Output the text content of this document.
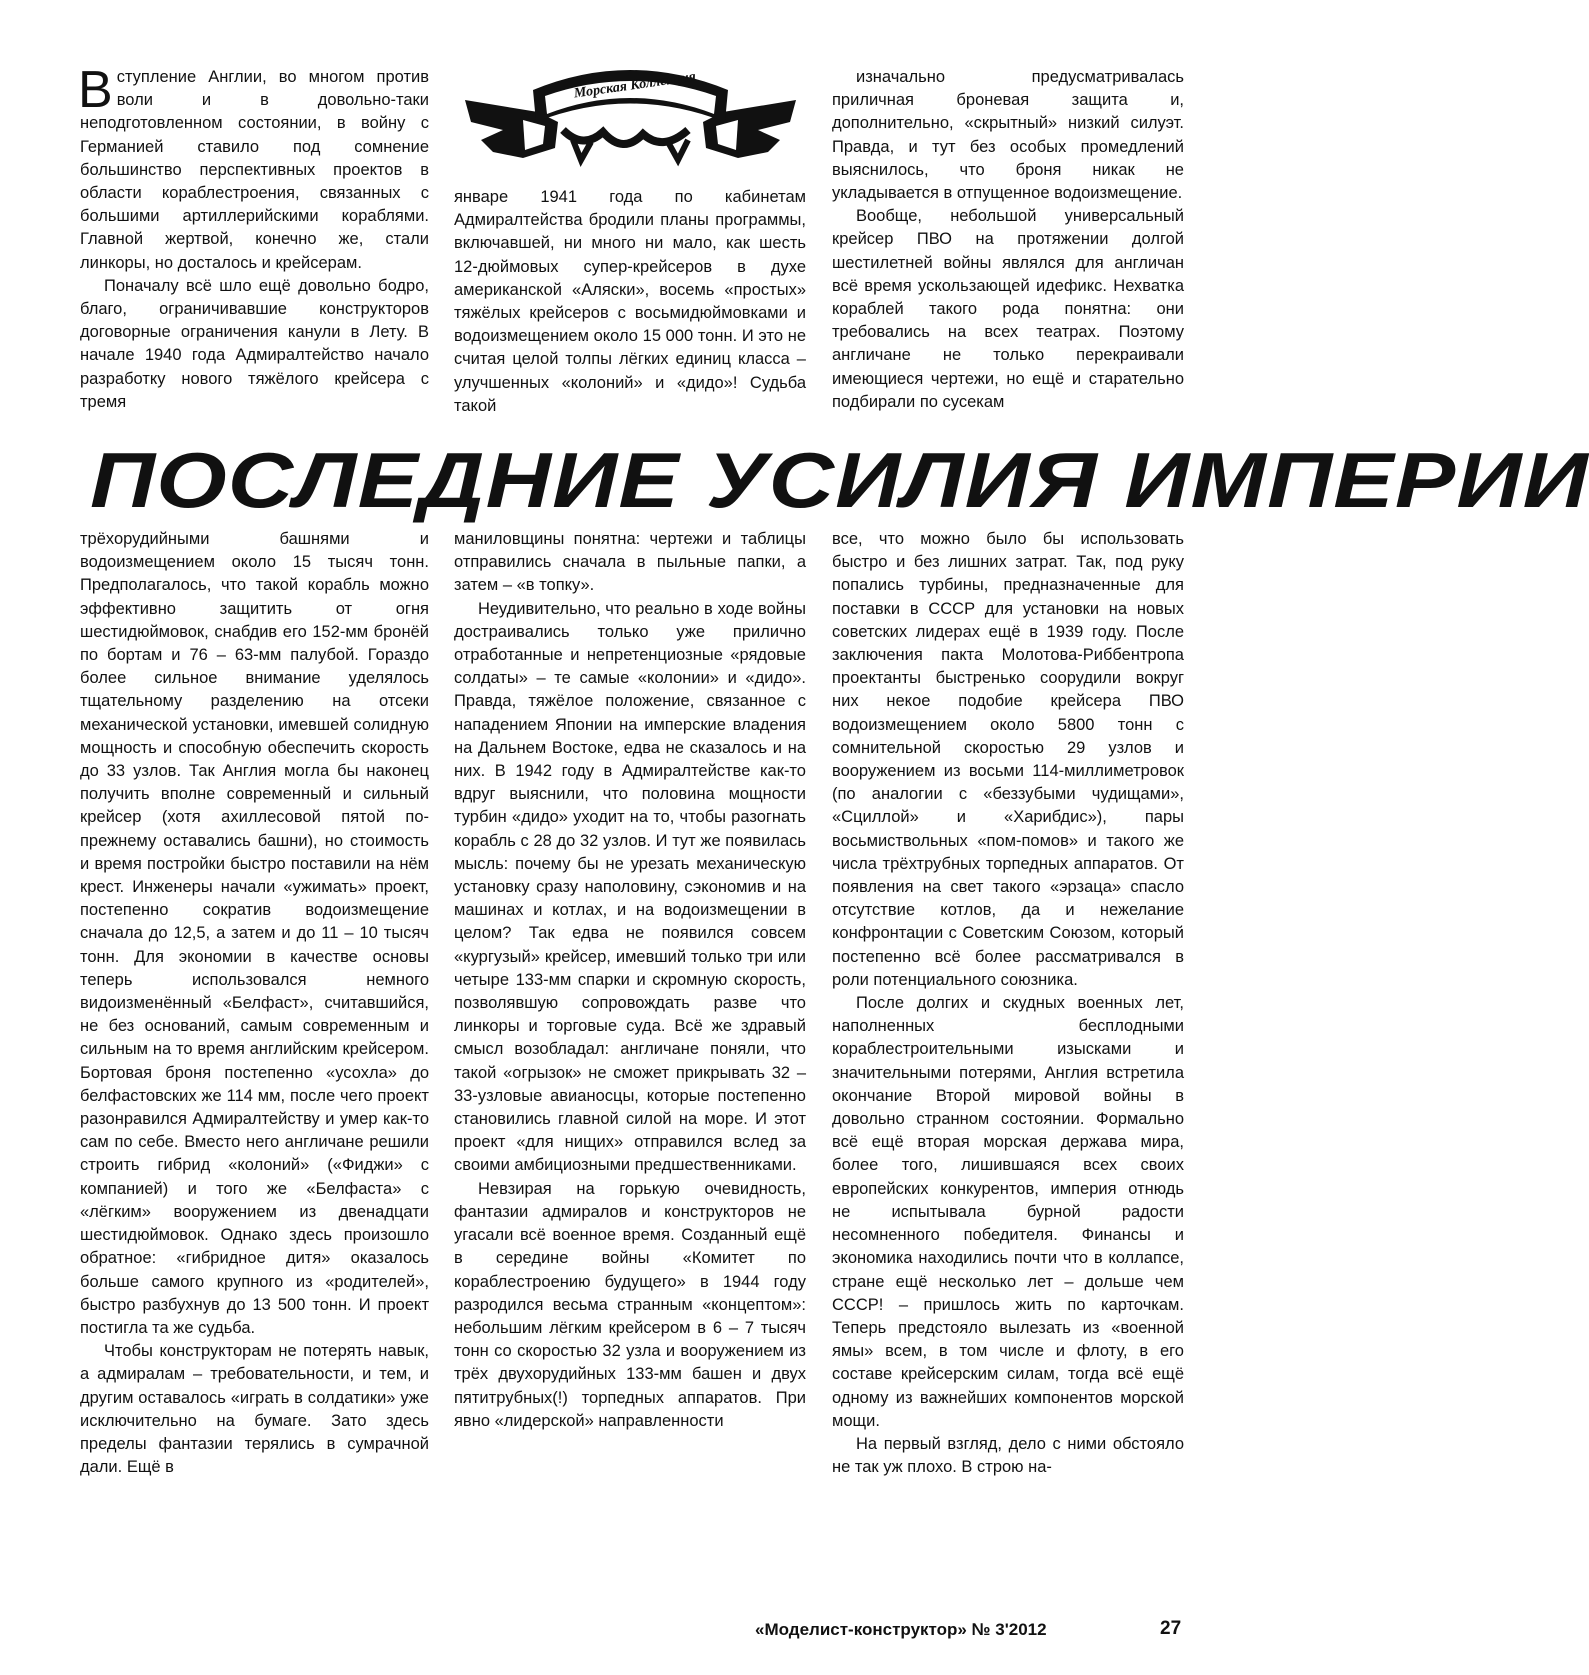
Морская Коллекция

Вступление Англии, во многом против воли и в довольно-таки неподготовленном состоянии, в войну с Германией ставило под сомнение большинство перспективных проектов в области кораблестроения, связанных с большими артиллерийскими кораблями. Главной жертвой, конечно же, стали линкоры, но досталось и крейсерам.

Поначалу всё шло ещё довольно бодро, благо, ограничивавшие конструкторов договорные ограничения канули в Лету. В начале 1940 года Адмиралтейство начало разработку нового тяжёлого крейсера с тремя

январе 1941 года по кабинетам Адмиралтейства бродили планы программы, включавшей, ни много ни мало, как шесть 12-дюймовых супер-крейсеров в духе американской «Аляски», восемь «простых» тяжёлых крейсеров с восьмидюймовками и водоизмещением около 15 000 тонн. И это не считая целой толпы лёгких единиц класса – улучшенных «колоний» и «дидо»! Судьба такой

изначально предусматривалась приличная броневая защита и, дополнительно, «скрытный» низкий силуэт. Правда, и тут без особых промедлений выяснилось, что броня никак не укладывается в отпущенное водоизмещение.

Вообще, небольшой универсальный крейсер ПВО на протяжении долгой шестилетней войны являлся для англичан всё время ускользающей идефикс. Нехватка кораблей такого рода понятна: они требовались на всех театрах. Поэтому англичане не только перекраивали имеющиеся чертежи, но ещё и старательно подбирали по сусекам

ПОСЛЕДНИЕ УСИЛИЯ ИМПЕРИИ

трёхорудийными башнями и водоизмещением около 15 тысяч тонн. Предполагалось, что такой корабль можно эффективно защитить от огня шестидюймовок, снабдив его 152-мм бронёй по бортам и 76 – 63-мм палубой. Гораздо более сильное внимание уделялось тщательному разделению на отсеки механической установки, имевшей солидную мощность и способную обеспечить скорость до 33 узлов. Так Англия могла бы наконец получить вполне современный и сильный крейсер (хотя ахиллесовой пятой по-прежнему оставались башни), но стоимость и время постройки быстро поставили на нём крест. Инженеры начали «ужимать» проект, постепенно сократив водоизмещение сначала до 12,5, а затем и до 11 – 10 тысяч тонн. Для экономии в качестве основы теперь использовался немного видоизменённый «Белфаст», считавшийся, не без оснований, самым современным и сильным на то время английским крейсером. Бортовая броня постепенно «усохла» до белфастовских же 114 мм, после чего проект разонравился Адмиралтейству и умер как-то сам по себе. Вместо него англичане решили строить гибрид «колоний» («Фиджи» с компанией) и того же «Белфаста» с «лёгким» вооружением из двенадцати шестидюймовок. Однако здесь произошло обратное: «гибридное дитя» оказалось больше самого крупного из «родителей», быстро разбухнув до 13 500 тонн. И проект постигла та же судьба.

Чтобы конструкторам не потерять навык, а адмиралам – требовательности, и тем, и другим оставалось «играть в солдатики» уже исключительно на бумаге. Зато здесь пределы фантазии терялись в сумрачной дали. Ещё в

маниловщины понятна: чертежи и таблицы отправились сначала в пыльные папки, а затем – «в топку».

Неудивительно, что реально в ходе войны достраивались только уже прилично отработанные и непретенциозные «рядовые солдаты» – те самые «колонии» и «дидо». Правда, тяжёлое положение, связанное с нападением Японии на имперские владения на Дальнем Востоке, едва не сказалось и на них. В 1942 году в Адмиралтействе как-то вдруг выяснили, что половина мощности турбин «дидо» уходит на то, чтобы разогнать корабль с 28 до 32 узлов. И тут же появилась мысль: почему бы не урезать механическую установку сразу наполовину, сэкономив и на машинах и котлах, и на водоизмещении в целом? Так едва не появился совсем «кургузый» крейсер, имевший только три или четыре 133-мм спарки и скромную скорость, позволявшую сопровождать разве что линкоры и торговые суда. Всё же здравый смысл возобладал: англичане поняли, что такой «огрызок» не сможет прикрывать 32 – 33-узловые авианосцы, которые постепенно становились главной силой на море. И этот проект «для нищих» отправился вслед за своими амбициозными предшественниками.

Невзирая на горькую очевидность, фантазии адмиралов и конструкторов не угасали всё военное время. Созданный ещё в середине войны «Комитет по кораблестроению будущего» в 1944 году разродился весьма странным «концептом»: небольшим лёгким крейсером в 6 – 7 тысяч тонн со скоростью 32 узла и вооружением из трёх двухорудийных 133-мм башен и двух пятитрубных(!) торпедных аппаратов. При явно «лидерской» направленности

все, что можно было бы использовать быстро и без лишних затрат. Так, под руку попались турбины, предназначенные для поставки в СССР для установки на новых советских лидерах ещё в 1939 году. После заключения пакта Молотова-Риббентропа проектанты быстренько соорудили вокруг них некое подобие крейсера ПВО водоизмещением около 5800 тонн с сомнительной скоростью 29 узлов и вооружением из восьми 114-миллиметровок (по аналогии с «беззубыми чудищами», «Сциллой» и «Харибдис»), пары восьмиствольных «пом-помов» и такого же числа трёхтрубных торпедных аппаратов. От появления на свет такого «эрзаца» спасло отсутствие котлов, да и нежелание конфронтации с Советским Союзом, который постепенно всё более рассматривался в роли потенциального союзника.

После долгих и скудных военных лет, наполненных бесплодными кораблестроительными изысками и значительными потерями, Англия встретила окончание Второй мировой войны в довольно странном состоянии. Формально всё ещё вторая морская держава мира, более того, лишившаяся всех своих европейских конкурентов, империя отнюдь не испытывала бурной радости несомненного победителя. Финансы и экономика находились почти что в коллапсе, стране ещё несколько лет – дольше чем СССР! – пришлось жить по карточкам. Теперь предстояло вылезать из «военной ямы» всем, в том числе и флоту, в его составе крейсерским силам, тогда всё ещё одному из важнейших компонентов морской мощи.

На первый взгляд, дело с ними обстояло не так уж плохо. В строю на-

«Моделист-конструктор» № 3'2012	27
